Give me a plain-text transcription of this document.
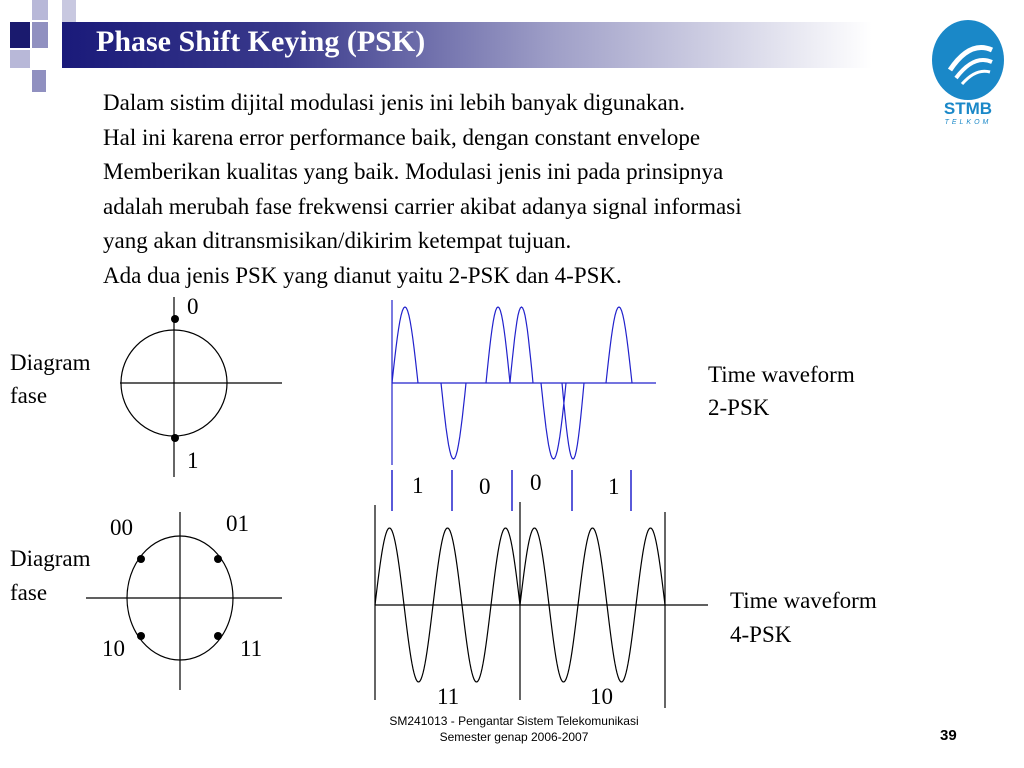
Phase Shift Keying (PSK)
STMB
TELKOM
Dalam sistim dijital modulasi jenis ini lebih banyak digunakan.
Hal ini karena error performance baik, dengan constant envelope
Memberikan kualitas yang baik. Modulasi jenis ini pada prinsipnya
adalah merubah fase frekwensi carrier akibat adanya signal informasi
yang akan ditransmisikan/dikirim ketempat tujuan.
Ada dua jenis PSK yang dianut yaitu 2-PSK dan 4-PSK.
Diagram
fase
0
1
Time waveform
2-PSK
1 0 0	1
Diagram
fase
00	01
10	11
Time waveform
4-PSK
11	10
SM241013 - Pengantar Sistem Telekomunikasi
Semester genap 2006-2007	39
